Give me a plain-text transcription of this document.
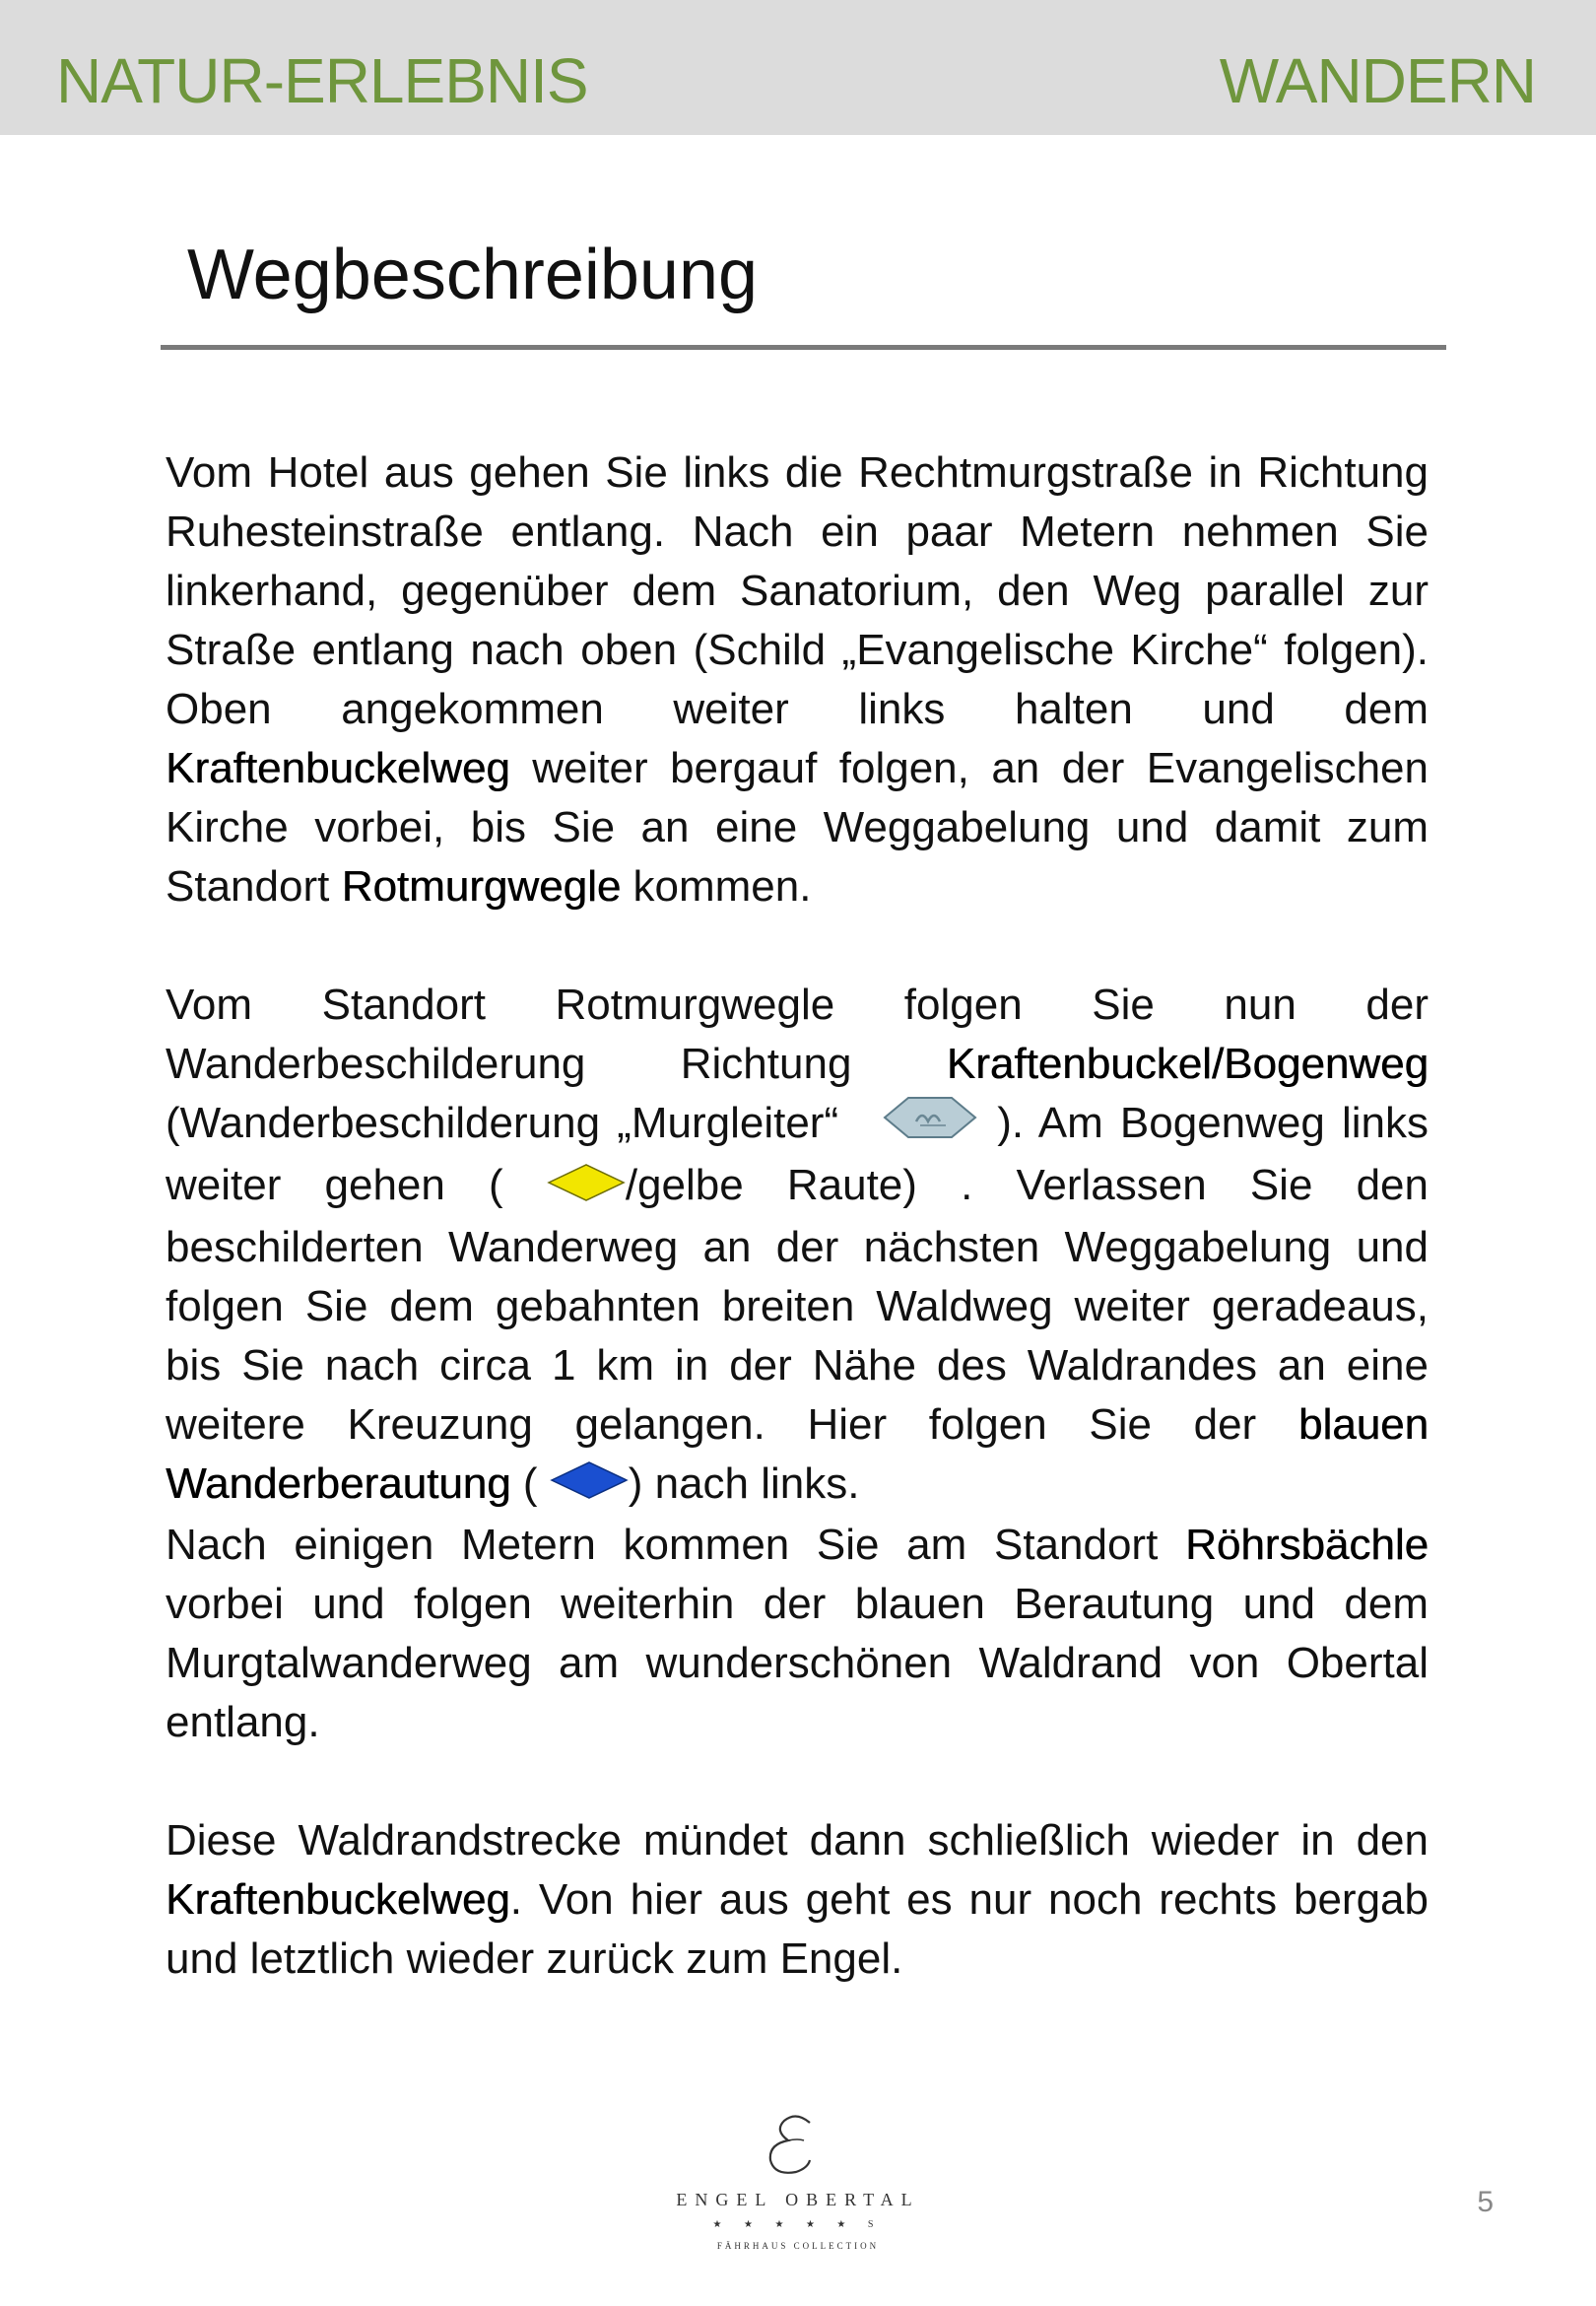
NATUR-ERLEBNIS	WANDERN
Wegbeschreibung

Vom Hotel aus gehen Sie links die Rechtmurgstraße in Richtung Ruhesteinstraße entlang. Nach ein paar Metern nehmen Sie linkerhand, gegenüber dem Sanatorium, den Weg parallel zur Straße entlang nach oben (Schild „Evangelische Kirche“ folgen). Oben angekommen weiter links halten und dem Kraftenbuckelweg weiter bergauf folgen, an der Evangelischen Kirche vorbei, bis Sie an eine Weggabelung und damit zum Standort Rotmurgwegle kommen.

Vom Standort Rotmurgwegle folgen Sie nun der Wanderbeschilderung Richtung Kraftenbuckel/Bogenweg (Wanderbeschilderung „Murgleiter“	). Am Bogenweg links weiter gehen ( /gelbe Raute) . Verlassen Sie den beschilderten Wanderweg an der nächsten Weggabelung und folgen Sie dem gebahnten breiten Waldweg weiter geradeaus, bis Sie nach circa 1 km in der Nähe des Waldrandes an eine weitere Kreuzung gelangen. Hier folgen Sie der blauen Wanderberautung ( ) nach links.

Nach einigen Metern kommen Sie am Standort Röhrsbächle vorbei und folgen weiterhin der blauen Berautung und dem Murgtalwanderweg am wunderschönen Waldrand von Obertal entlang.

Diese Waldrandstrecke mündet dann schließlich wieder in den Kraftenbuckelweg. Von hier aus geht es nur noch rechts bergab und letztlich wieder zurück zum Engel.

ENGEL OBERTAL
★ ★ ★ ★ ★ S
FÄHRHAUS COLLECTION
5
